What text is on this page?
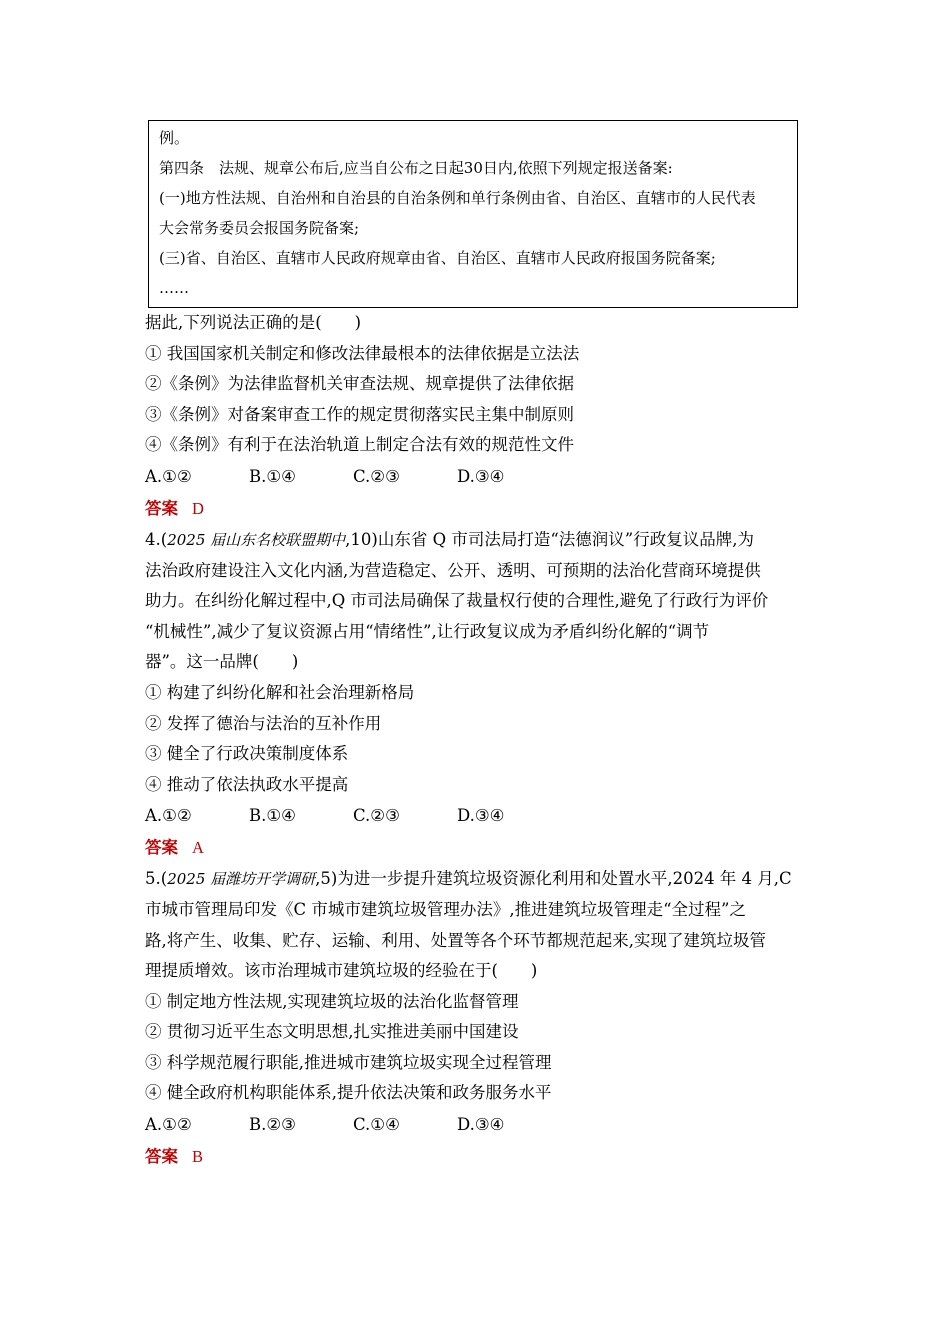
例。

第四条　法规、规章公布后,应当自公布之日起30日内,依照下列规定报送备案:

(一)地方性法规、自治州和自治县的自治条例和单行条例由省、自治区、直辖市的人民代表

大会常务委员会报国务院备案;

(三)省、自治区、直辖市人民政府规章由省、自治区、直辖市人民政府报国务院备案;

……

据此,下列说法正确的是(　　)

① 我国国家机关制定和修改法律最根本的法律依据是立法法

②《条例》为法律监督机关审查法规、规章提供了法律依据

③《条例》对备案审查工作的规定贯彻落实民主集中制原则

④《条例》有利于在法治轨道上制定合法有效的规范性文件

A.①②	B.①④	C.②③	D.③④
答案 D

4.(2025 届山东名校联盟期中,10)山东省 Q 市司法局打造“法德润议”行政复议品牌,为

法治政府建设注入文化内涵,为营造稳定、公开、透明、可预期的法治化营商环境提供

助力。在纠纷化解过程中,Q 市司法局确保了裁量权行使的合理性,避免了行政行为评价

“机械性”,减少了复议资源占用“情绪性”,让行政复议成为矛盾纠纷化解的“调节

器”。这一品牌(　　)

① 构建了纠纷化解和社会治理新格局

② 发挥了德治与法治的互补作用

③ 健全了行政决策制度体系

④ 推动了依法执政水平提高

A.①②	B.①④	C.②③	D.③④
答案 A

5.(2025 届潍坊开学调研,5)为进一步提升建筑垃圾资源化利用和处置水平,2024 年 4 月,C

市城市管理局印发《C 市城市建筑垃圾管理办法》,推进建筑垃圾管理走“全过程”之

路,将产生、收集、贮存、运输、利用、处置等各个环节都规范起来,实现了建筑垃圾管

理提质增效。该市治理城市建筑垃圾的经验在于(　　)

① 制定地方性法规,实现建筑垃圾的法治化监督管理

② 贯彻习近平生态文明思想,扎实推进美丽中国建设

③ 科学规范履行职能,推进城市建筑垃圾实现全过程管理

④ 健全政府机构职能体系,提升依法决策和政务服务水平

A.①②	B.②③	C.①④	D.③④
答案 B
